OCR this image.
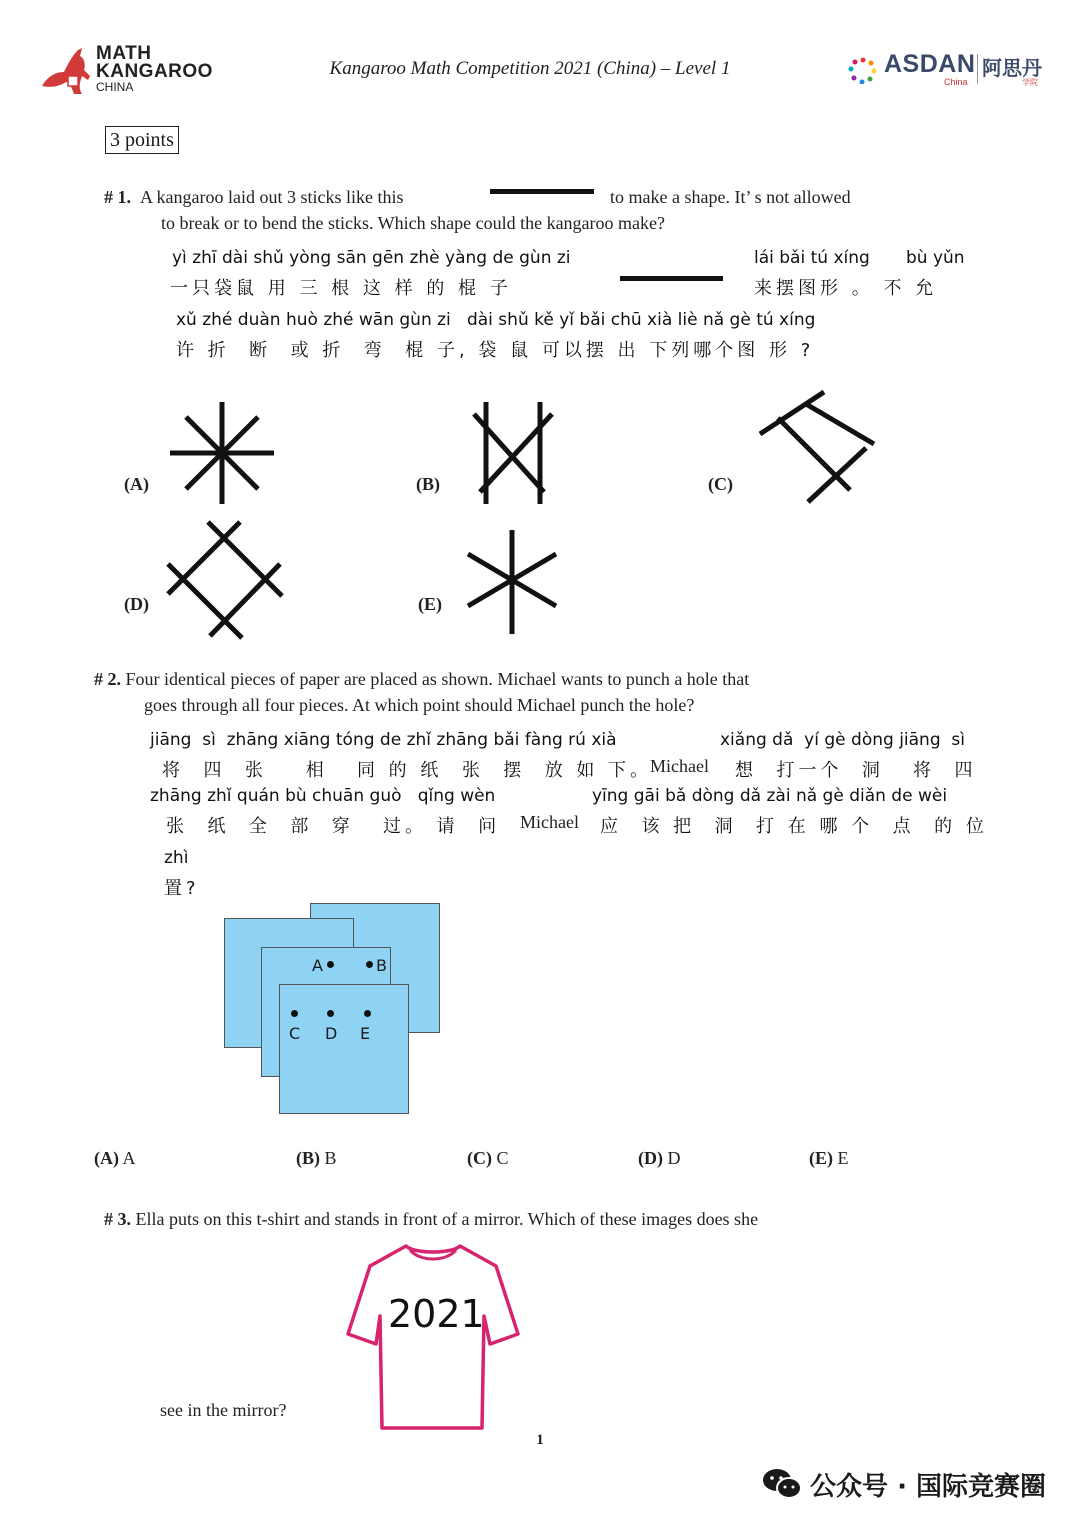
MATH
KANGAROO
CHINA
Kangaroo Math Competition 2021 (China) – Level 1	ASDAN
China
阿思丹
学院
3 points
# 1. A kangaroo laid out 3 sticks like this	to make a shape. It’ s not allowed
to break or to bend the sticks. Which shape could the kangaroo make?
yì zhī dài shǔ yòng sān gēn zhè yàng de gùn zi	lái bǎi tú xíng bù yǔn
一只袋鼠 用 三 根 这 样 的 棍 子	来摆图形 。 不 允
xǔ zhé duàn huò zhé wān gùn zi   dài shǔ kě yǐ bǎi chū xià liè nǎ gè tú xíng
许 折  断  或 折  弯  棍 子, 袋 鼠 可以摆 出 下列哪个图 形 ?
(A)	(B)	(C)
(D)	(E)
# 2. Four identical pieces of paper are placed as shown. Michael wants to punch a hole that
goes through all four pieces. At which point should Michael punch the hole?
jiāng  sì  zhāng xiāng tóng de zhǐ zhāng bǎi fàng rú xià	xiǎng dǎ  yí gè dòng jiāng  sì
将  四  张    相   同 的 纸  张  摆  放 如 下。
Michael 想  打一个  洞   将  四
zhāng zhǐ quán bù chuān guò   qǐng wèn	yīng gāi bǎ dòng dǎ zài nǎ gè diǎn de wèi
张  纸  全  部  穿   过。 请  问 Michael 应  该 把  洞  打 在 哪 个  点  的 位
zhì
置?
A	B
C D E
(A) A	(B) B	(C) C	(D) D	(E) E
# 3. Ella puts on this t-shirt and stands in front of a mirror. Which of these images does she
see in the mirror?
2021
1
公众号 · 国际竞赛圈
